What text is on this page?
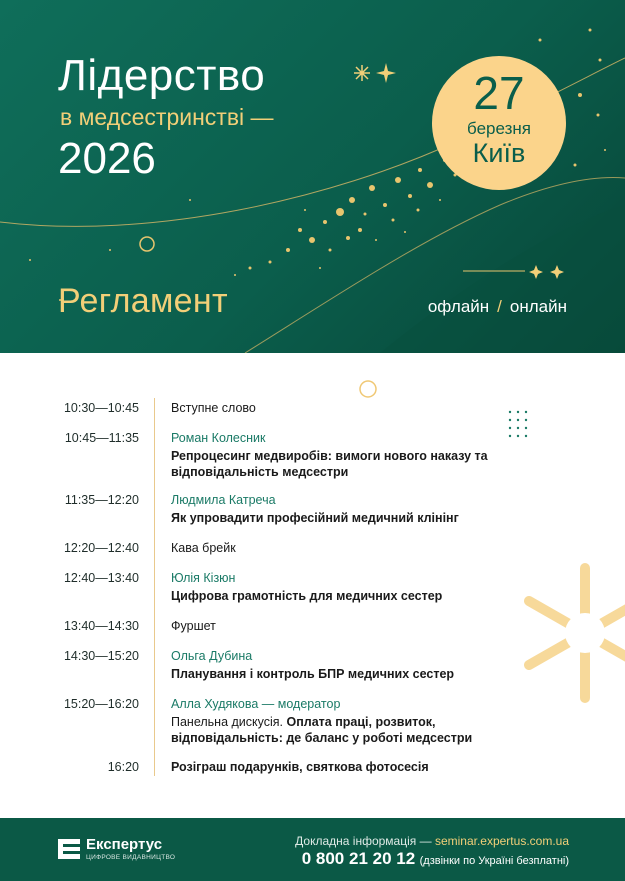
Лідерство
в медсестринстві —
2026
27
березня
Київ
Регламент	офлайн / онлайн
10:30—10:45	Вступне слово
10:45—11:35	Роман Колесник
Репроцесинг медвиробів: вимоги нового наказу та відповідальність медсестри
11:35—12:20	Людмила Катреча
Як упровадити професійний медичний клінінг
12:20—12:40	Кава брейк
12:40—13:40	Юлія Кізюн
Цифрова грамотність для медичних сестер
13:40—14:30	Фуршет
14:30—15:20	Ольга Дубина
Планування і контроль БПР медичних сестер
15:20—16:20	Алла Худякова — модератор
Панельна дискусія. Оплата праці, розвиток, відповідальність: де баланс у роботі медсестри
16:20	Розіграш подарунків, святкова фотосесія
Експертус
ЦИФРОВЕ ВИДАВНИЦТВО
Докладна інформація — seminar.expertus.com.ua
0 800 21 20 12 (дзвінки по Україні безплатні)
